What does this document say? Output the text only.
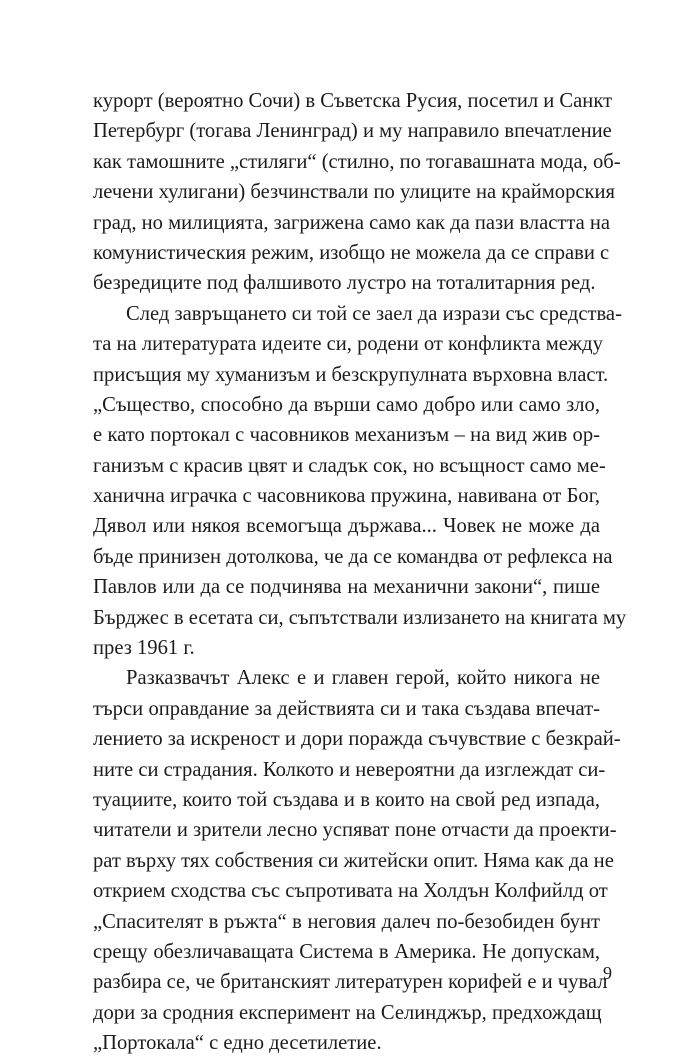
курорт (вероятно Сочи) в Съветска Русия, посетил и Санкт
Петербург (тогава Ленинград) и му направило впечатление
как тамошните „стиляги“ (стилно, по тогавашната мода, об-
лечени хулигани) безчинствали по улиците на крайморския
град, но милицията, загрижена само как да пази властта на
комунистическия режим, изобщо не можела да се справи с
безредиците под фалшивото лустро на тоталитарния ред.
След завръщането си той се заел да изрази със средства-
та на литературата идеите си, родени от конфликта между
присъщия му хуманизъм и безскрупулната върховна власт.
„Същество, способно да върши само добро или само зло,
е като портокал с часовников механизъм – на вид жив ор-
ганизъм с красив цвят и сладък сок, но всъщност само ме-
ханична играчка с часовникова пружина, навивана от Бог,
Дявол или някоя всемогъща държава... Човек не може да
бъде принизен дотолкова, че да се командва от рефлекса на
Павлов или да се подчинява на механични закони“, пише
Бърджес в есетата си, съпътствали излизането на книгата му
през 1961 г.
Разказвачът Алекс е и главен герой, който никога не
търси оправдание за действията си и така създава впечат-
лението за искреност и дори поражда съчувствие с безкрай-
ните си страдания. Колкото и невероятни да изглеждат си-
туациите, които той създава и в които на свой ред изпада,
читатели и зрители лесно успяват поне отчасти да проекти-
рат върху тях собствения си житейски опит. Няма как да не
открием сходства със съпротивата на Холдън Колфийлд от
„Спасителят в ръжта“ в неговия далеч по-безобиден бунт
срещу обезличаващата Система в Америка. Не допускам,
разбира се, че британският литературен корифей е и чувал
дори за сродния експеримент на Селинджър, предхождащ
„Портокала“ с едно десетилетие.
9
